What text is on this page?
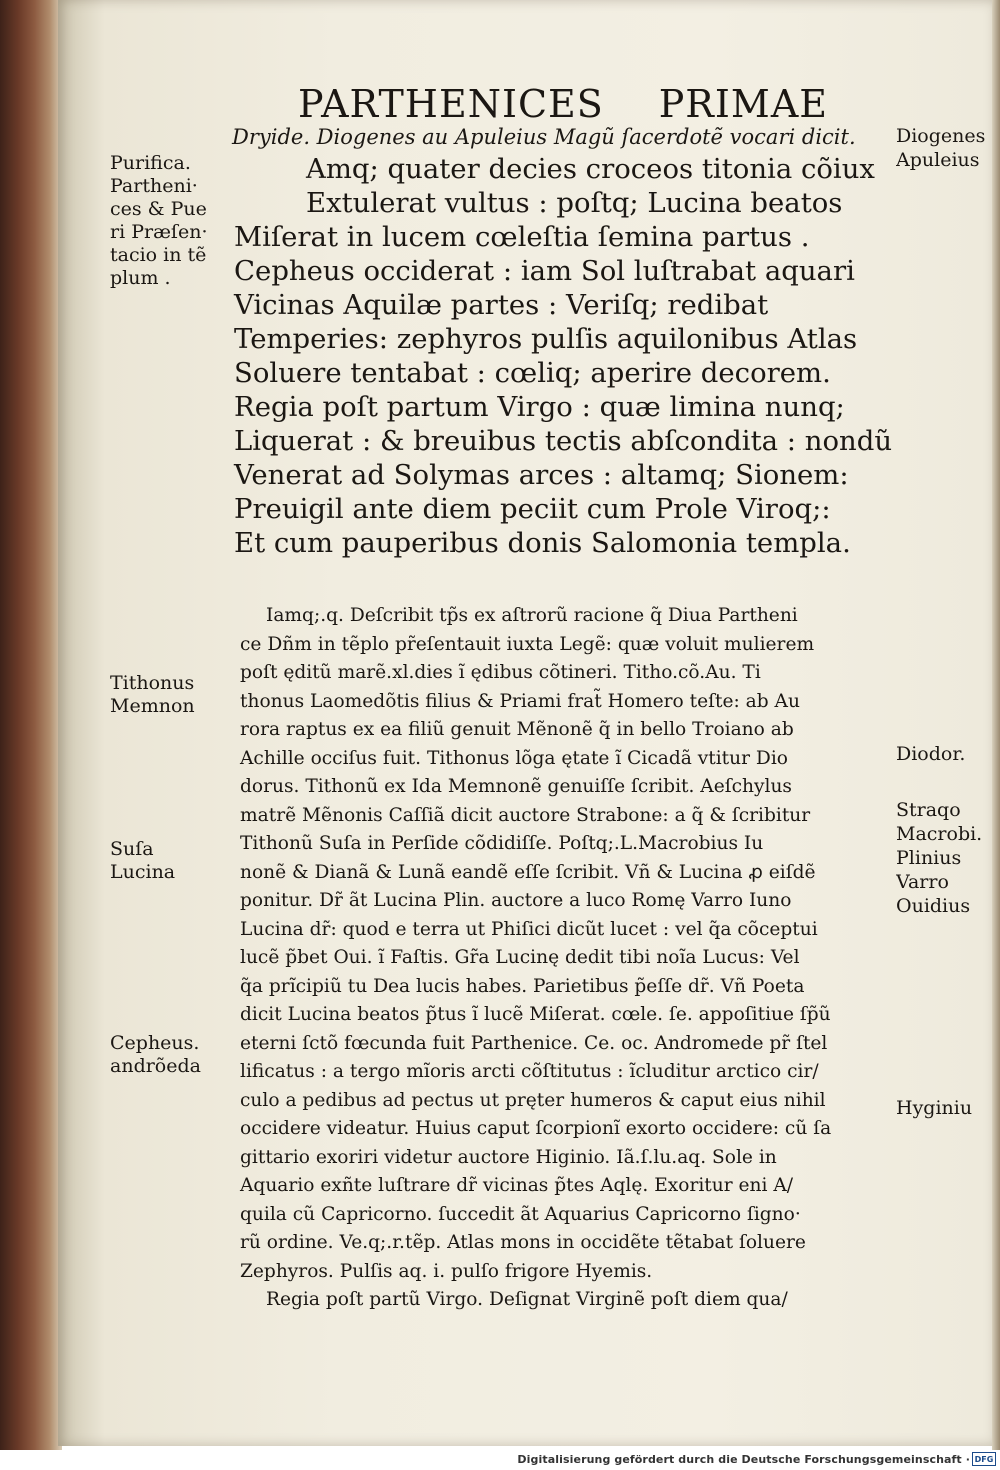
PARTHENICES PRIMAE
Dryide. Diogenes au Apuleius Magũ ſacerdotẽ vocari dicit.
Amq; quater decies croceos titonia cõiux
Extulerat vultus : poſtq; Lucina beatos
Miſerat in lucem cœleſtia ſemina partus .
Cepheus occiderat : iam Sol luſtrabat aquari
Vicinas Aquilæ partes : Veriſq; redibat
Temperies: zephyros pulſis aquilonibus Atlas
Soluere tentabat : cœliq; aperire decorem.
Regia poſt partum Virgo : quæ limina nunq;
Liquerat : & breuibus tectis abſcondita : nondũ
Venerat ad Solymas arces : altamq; Sionem:
Preuigil ante diem peciit cum Prole Viroq;:
Et cum pauperibus donis Salomonia templa.
Iamq;.q. Deſcribit tp̃s ex aſtrorũ racione q̃ Diua Partheni
ce Dñm in tẽplo pr̃eſentauit iuxta Legẽ: quæ voluit mulierem
poſt ęditũ marẽ.xl.dies ĩ ędibus cõtineri. Titho.cõ.Au. Ti
thonus Laomedõtis filius & Priami frat̃ Homero teſte: ab Au
rora raptus ex ea filiũ genuit Mẽnonẽ q̃ in bello Troiano ab
Achille occiſus fuit. Tithonus lõga ętate ĩ Cicadã vtitur Dio
dorus. Tithonũ ex Ida Memnonẽ genuiſſe ſcribit. Aeſchylus
matrẽ Mẽnonis Caſſiã dicit auctore Strabone: a q̃ & ſcribitur
Tithonũ Suſa in Perſide cõdidiſſe. Poſtq;.L.Macrobius Iu
nonẽ & Dianã & Lunã eandẽ eſſe ſcribit. Vñ & Lucina ꝓ eiſdẽ
ponitur. Dr̃ ãt Lucina Plin. auctore a luco Romę Varro Iuno
Lucina dr̃: quod e terra ut Phiſici dicũt lucet : vel q̃a cõceptui
lucẽ p̃bet Oui. ĩ Faſtis. Gr̃a Lucinę dedit tibi noĩa Lucus: Vel
q̃a prĩcipiũ tu Dea lucis habes. Parietibus p̃eſſe dr̃. Vñ Poeta
dicit Lucina beatos p̃tus ĩ lucẽ Miſerat. cœle. ſe. appoſitiue ſp̃ũ
eterni ſctõ fœcunda fuit Parthenice. Ce. oc. Andromede pr̃ ſtel
lificatus : a tergo mĩoris arcti cõſtitutus : ĩcluditur arctico cir/
culo a pedibus ad pectus ut pręter humeros & caput eius nihil
occidere videatur. Huius caput ſcorpionĩ exorto occidere: cũ ſa
gittario exoriri videtur auctore Higinio. Iã.ſ.lu.aq. Sole in
Aquario exñte luſtrare dr̃ vicinas p̃tes Aqlę. Exoritur eni A/
quila cũ Capricorno. ſuccedit ãt Aquarius Capricorno ſigno·
rũ ordine. Ve.q;.r.tẽp. Atlas mons in occidẽte tẽtabat ſoluere
Zephyros. Pulſis aq. i. pulſo frigore Hyemis.
Regia poſt partũ Virgo. Deſignat Virginẽ poſt diem qua/
Purifica.
Partheni·
ces & Pue
ri Præſen·
tacio in tẽ
plum .
Tithonus
Memnon
Suſa
Lucina
Cepheus.
andrõeda
Diogenes
Apuleius
Diodor.
Straqo
Macrobi.
Plinius
Varro
Ouidius
Hyginiu
Digitalisierung gefördert durch die Deutsche Forschungsgemeinschaft · DFG
